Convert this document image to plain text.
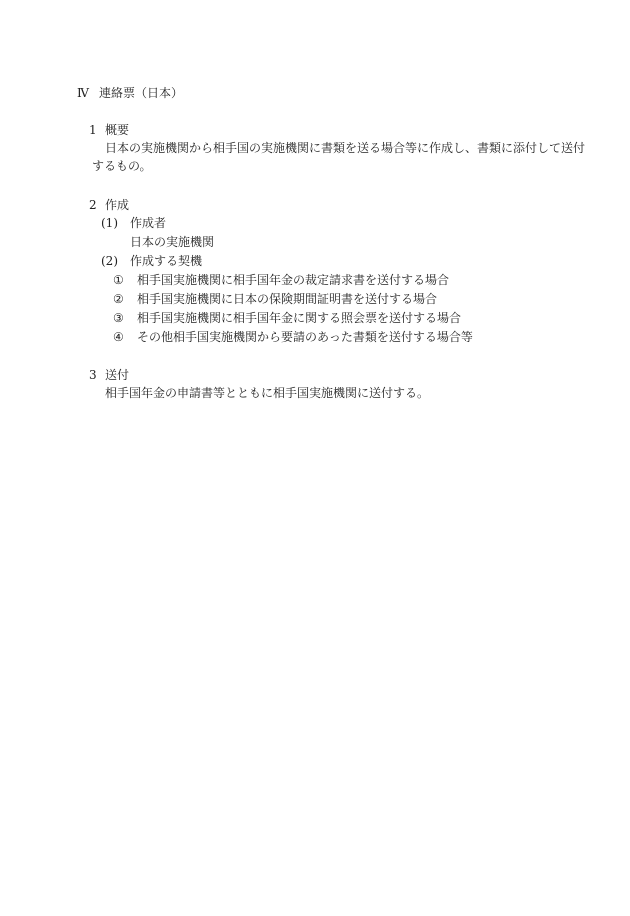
Ⅳ 連絡票（日本）
1 概要
日本の実施機関から相手国の実施機関に書類を送る場合等に作成し、書類に添付して送付
するもの。
2 作成
(1) 作成者
日本の実施機関
(2) 作成する契機
① 相手国実施機関に相手国年金の裁定請求書を送付する場合
② 相手国実施機関に日本の保険期間証明書を送付する場合
③ 相手国実施機関に相手国年金に関する照会票を送付する場合
④ その他相手国実施機関から要請のあった書類を送付する場合等
3 送付
相手国年金の申請書等とともに相手国実施機関に送付する。
